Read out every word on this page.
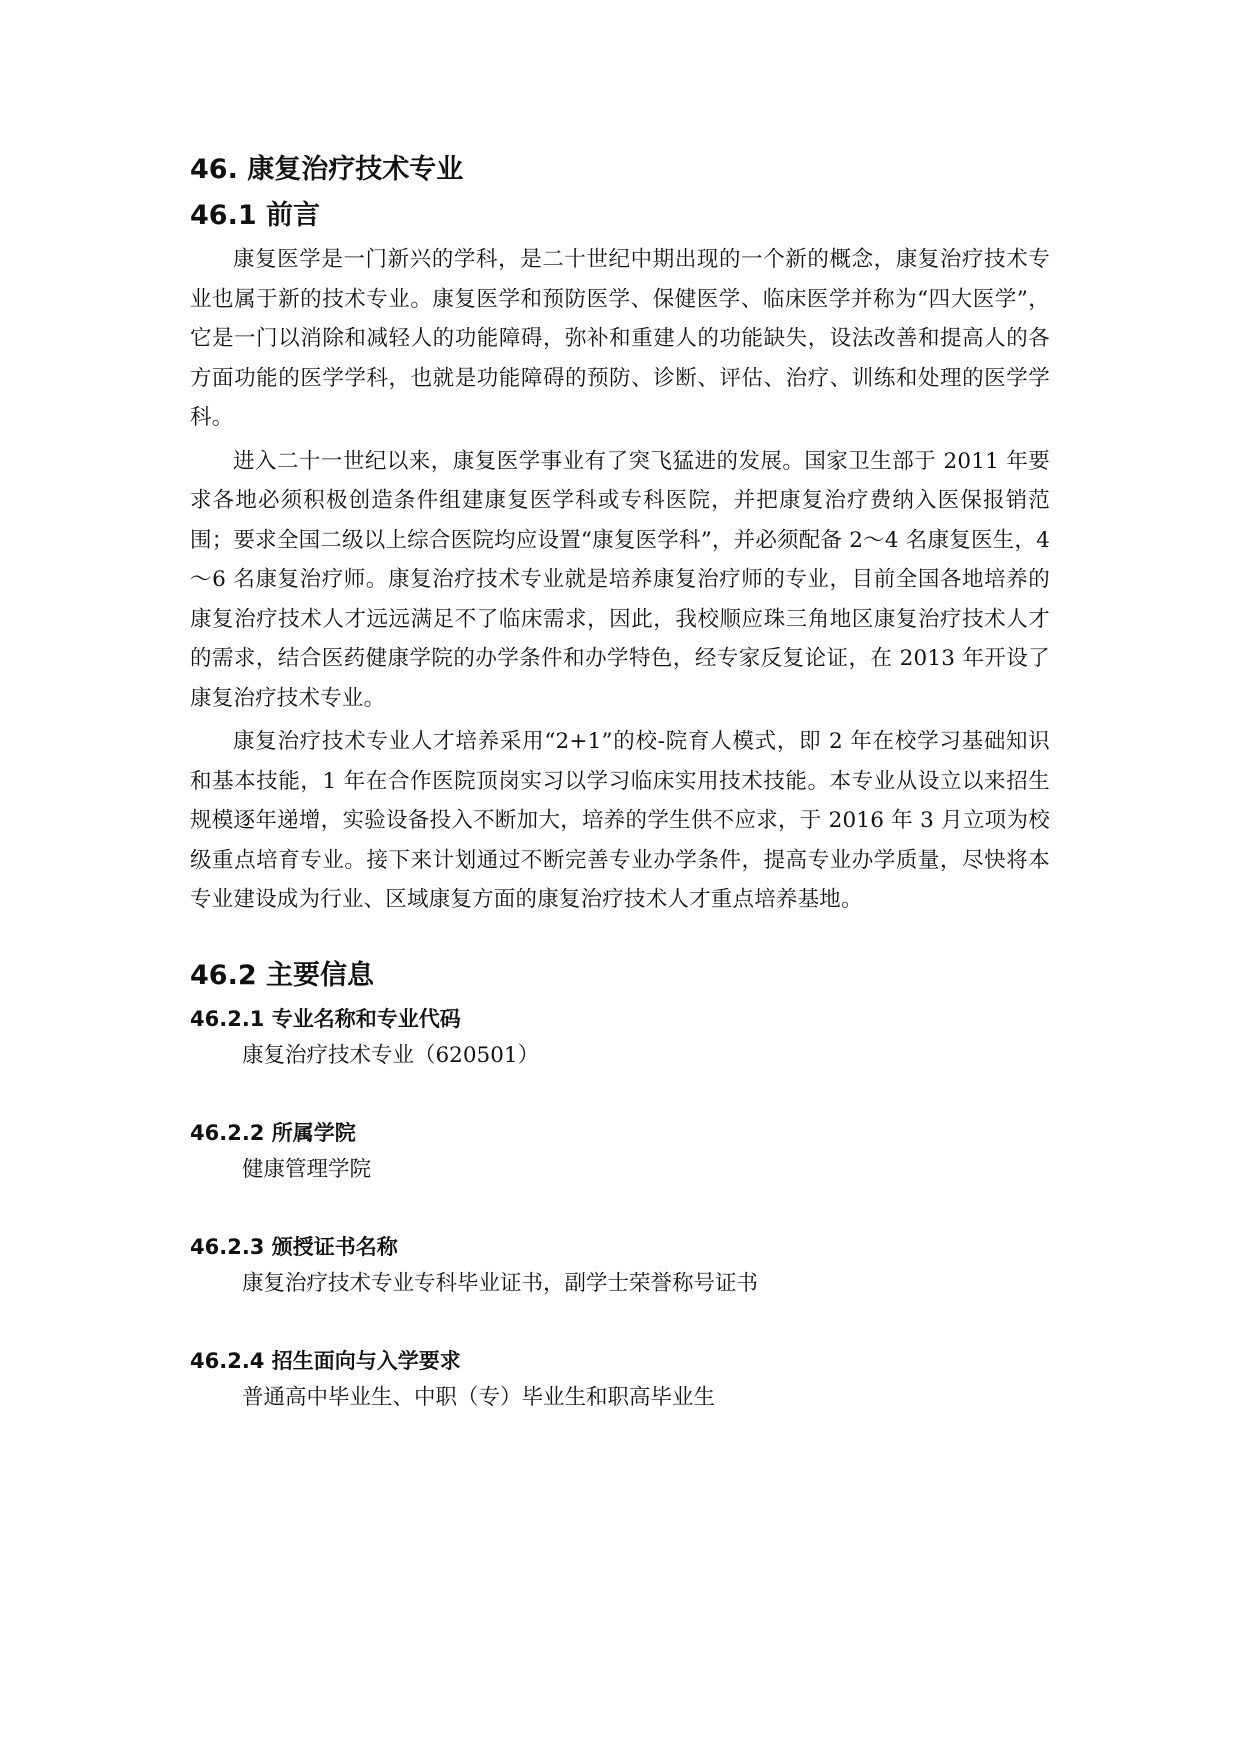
46. 康复治疗技术专业
46.1 前言

康复医学是一门新兴的学科，是二十世纪中期出现的一个新的概念，康复治疗技术专业也属于新的技术专业。康复医学和预防医学、保健医学、临床医学并称为“四大医学”，它是一门以消除和减轻人的功能障碍，弥补和重建人的功能缺失，设法改善和提高人的各方面功能的医学学科，也就是功能障碍的预防、诊断、评估、治疗、训练和处理的医学学科。

进入二十一世纪以来，康复医学事业有了突飞猛进的发展。国家卫生部于 2011 年要求各地必须积极创造条件组建康复医学科或专科医院，并把康复治疗费纳入医保报销范围；要求全国二级以上综合医院均应设置“康复医学科”，并必须配备 2～4 名康复医生，4～6 名康复治疗师。康复治疗技术专业就是培养康复治疗师的专业，目前全国各地培养的康复治疗技术人才远远满足不了临床需求，因此，我校顺应珠三角地区康复治疗技术人才的需求，结合医药健康学院的办学条件和办学特色，经专家反复论证，在 2013 年开设了康复治疗技术专业。

康复治疗技术专业人才培养采用“2+1”的校-院育人模式，即 2 年在校学习基础知识和基本技能，1 年在合作医院顶岗实习以学习临床实用技术技能。本专业从设立以来招生规模逐年递增，实验设备投入不断加大，培养的学生供不应求，于 2016 年 3 月立项为校级重点培育专业。接下来计划通过不断完善专业办学条件，提高专业办学质量，尽快将本专业建设成为行业、区域康复方面的康复治疗技术人才重点培养基地。

46.2 主要信息
46.2.1 专业名称和专业代码
康复治疗技术专业（620501）
46.2.2 所属学院
健康管理学院
46.2.3 颁授证书名称
康复治疗技术专业专科毕业证书，副学士荣誉称号证书
46.2.4 招生面向与入学要求
普通高中毕业生、中职（专）毕业生和职高毕业生
